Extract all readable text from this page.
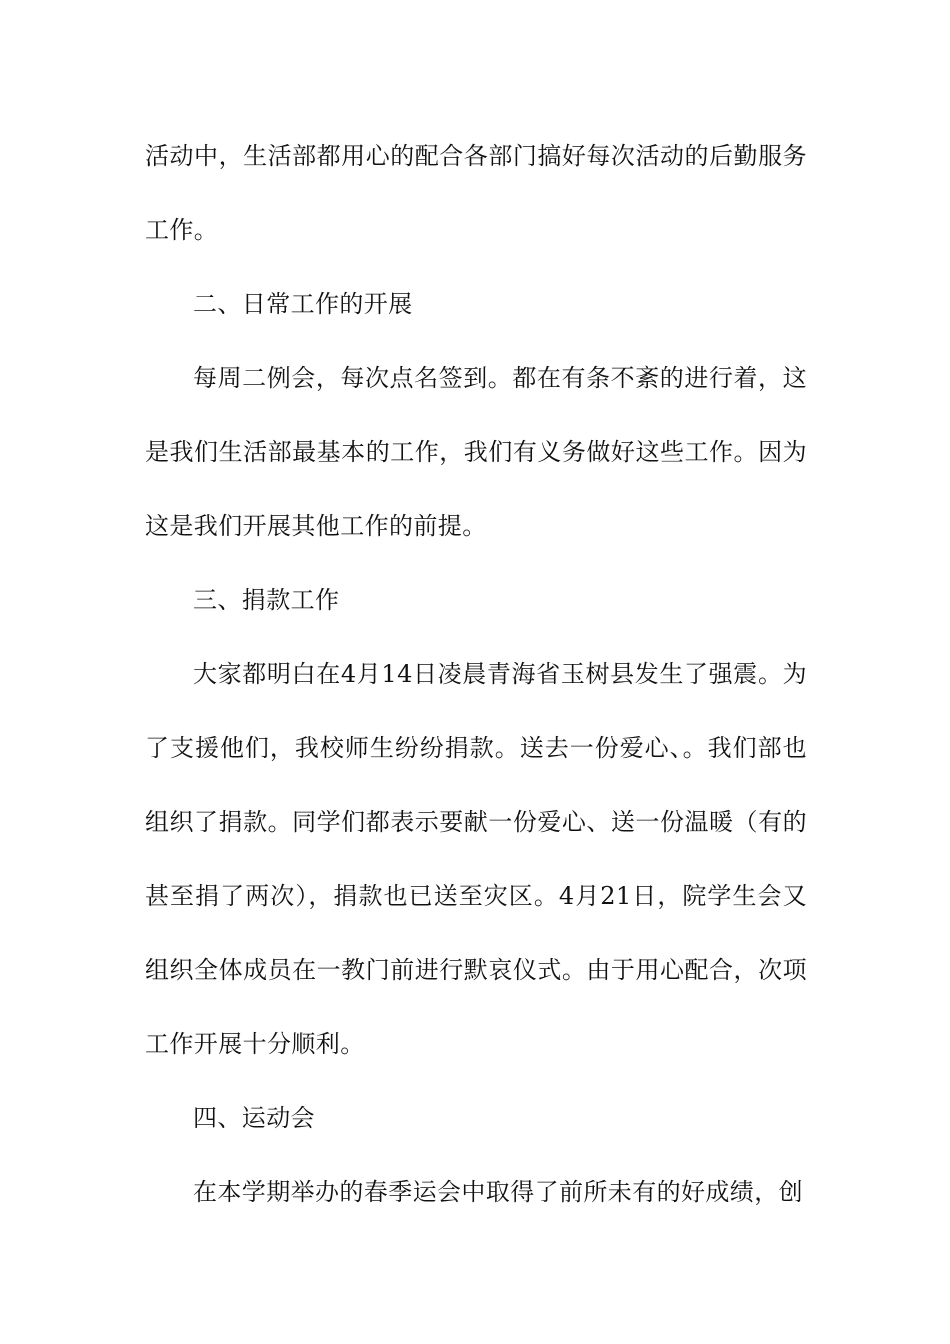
活动中，生活部都用心的配合各部门搞好每次活动的后勤服务工作。

二、日常工作的开展

每周二例会，每次点名签到。都在有条不紊的进行着，这是我们生活部最基本的工作，我们有义务做好这些工作。因为这是我们开展其他工作的前提。

三、捐款工作

大家都明白在4月14日凌晨青海省玉树县发生了强震。为了支援他们，我校师生纷纷捐款。送去一份爱心、。我们部也组织了捐款。同学们都表示要献一份爱心、送一份温暖（有的甚至捐了两次），捐款也已送至灾区。4月21日，院学生会又组织全体成员在一教门前进行默哀仪式。由于用心配合，次项工作开展十分顺利。

四、运动会

在本学期举办的春季运会中取得了前所未有的好成绩，创
